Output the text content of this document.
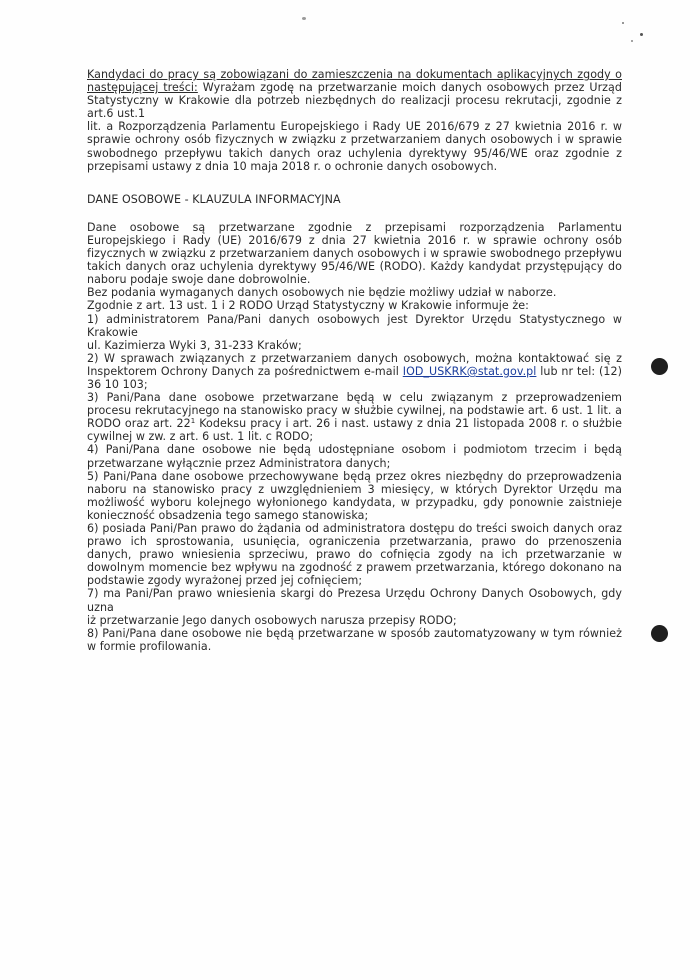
Kandydaci do pracy są zobowiązani do zamieszczenia na dokumentach aplikacyjnych zgody o następującej treści: Wyrażam zgodę na przetwarzanie moich danych osobowych przez Urząd Statystyczny w Krakowie dla potrzeb niezbędnych do realizacji procesu rekrutacji, zgodnie z art.6 ust.1

lit. a Rozporządzenia Parlamentu Europejskiego i Rady UE 2016/679 z 27 kwietnia 2016 r. w sprawie ochrony osób fizycznych w związku z przetwarzaniem danych osobowych i w sprawie swobodnego przepływu takich danych oraz uchylenia dyrektywy 95/46/WE oraz zgodnie z przepisami ustawy z dnia 10 maja 2018 r. o ochronie danych osobowych.

DANE OSOBOWE - KLAUZULA INFORMACYJNA

Dane osobowe są przetwarzane zgodnie z przepisami rozporządzenia Parlamentu Europejskiego i Rady (UE) 2016/679 z dnia 27 kwietnia 2016 r. w sprawie ochrony osób fizycznych w związku z przetwarzaniem danych osobowych i w sprawie swobodnego przepływu takich danych oraz uchylenia dyrektywy 95/46/WE (RODO). Każdy kandydat przystępujący do naboru podaje swoje dane dobrowolnie.

Bez podania wymaganych danych osobowych nie będzie możliwy udział w naborze.

Zgodnie z art. 13 ust. 1 i 2 RODO Urząd Statystyczny w Krakowie informuje że:

1) administratorem Pana/Pani danych osobowych jest Dyrektor Urzędu Statystycznego w Krakowie

ul. Kazimierza Wyki 3, 31-233 Kraków;

2) W sprawach związanych z przetwarzaniem danych osobowych, można kontaktować się z Inspektorem Ochrony Danych za pośrednictwem e-mail IOD_USKRK@stat.gov.pl lub nr tel: (12) 36 10 103;

3) Pani/Pana dane osobowe przetwarzane będą w celu związanym z przeprowadzeniem procesu rekrutacyjnego na stanowisko pracy w służbie cywilnej, na podstawie art. 6 ust. 1 lit. a RODO oraz art. 22$^1$ Kodeksu pracy i art. 26 i nast. ustawy z dnia 21 listopada 2008 r. o służbie cywilnej w zw. z art. 6 ust. 1 lit. c RODO;

4) Pani/Pana dane osobowe nie będą udostępniane osobom i podmiotom trzecim i będą przetwarzane wyłącznie przez Administratora danych;

5) Pani/Pana dane osobowe przechowywane będą przez okres niezbędny do przeprowadzenia naboru na stanowisko pracy z uwzględnieniem 3 miesięcy, w których Dyrektor Urzędu ma możliwość wyboru kolejnego wyłonionego kandydata, w przypadku, gdy ponownie zaistnieje konieczność obsadzenia tego samego stanowiska;

6) posiada Pani/Pan prawo do żądania od administratora dostępu do treści swoich danych oraz prawo ich sprostowania, usunięcia, ograniczenia przetwarzania, prawo do przenoszenia danych, prawo wniesienia sprzeciwu, prawo do cofnięcia zgody na ich przetwarzanie w dowolnym momencie bez wpływu na zgodność z prawem przetwarzania, którego dokonano na podstawie zgody wyrażonej przed jej cofnięciem;

7) ma Pani/Pan prawo wniesienia skargi do Prezesa Urzędu Ochrony Danych Osobowych, gdy uzna

iż przetwarzanie Jego danych osobowych narusza przepisy RODO;

8) Pani/Pana dane osobowe nie będą przetwarzane w sposób zautomatyzowany w tym również w formie profilowania.
